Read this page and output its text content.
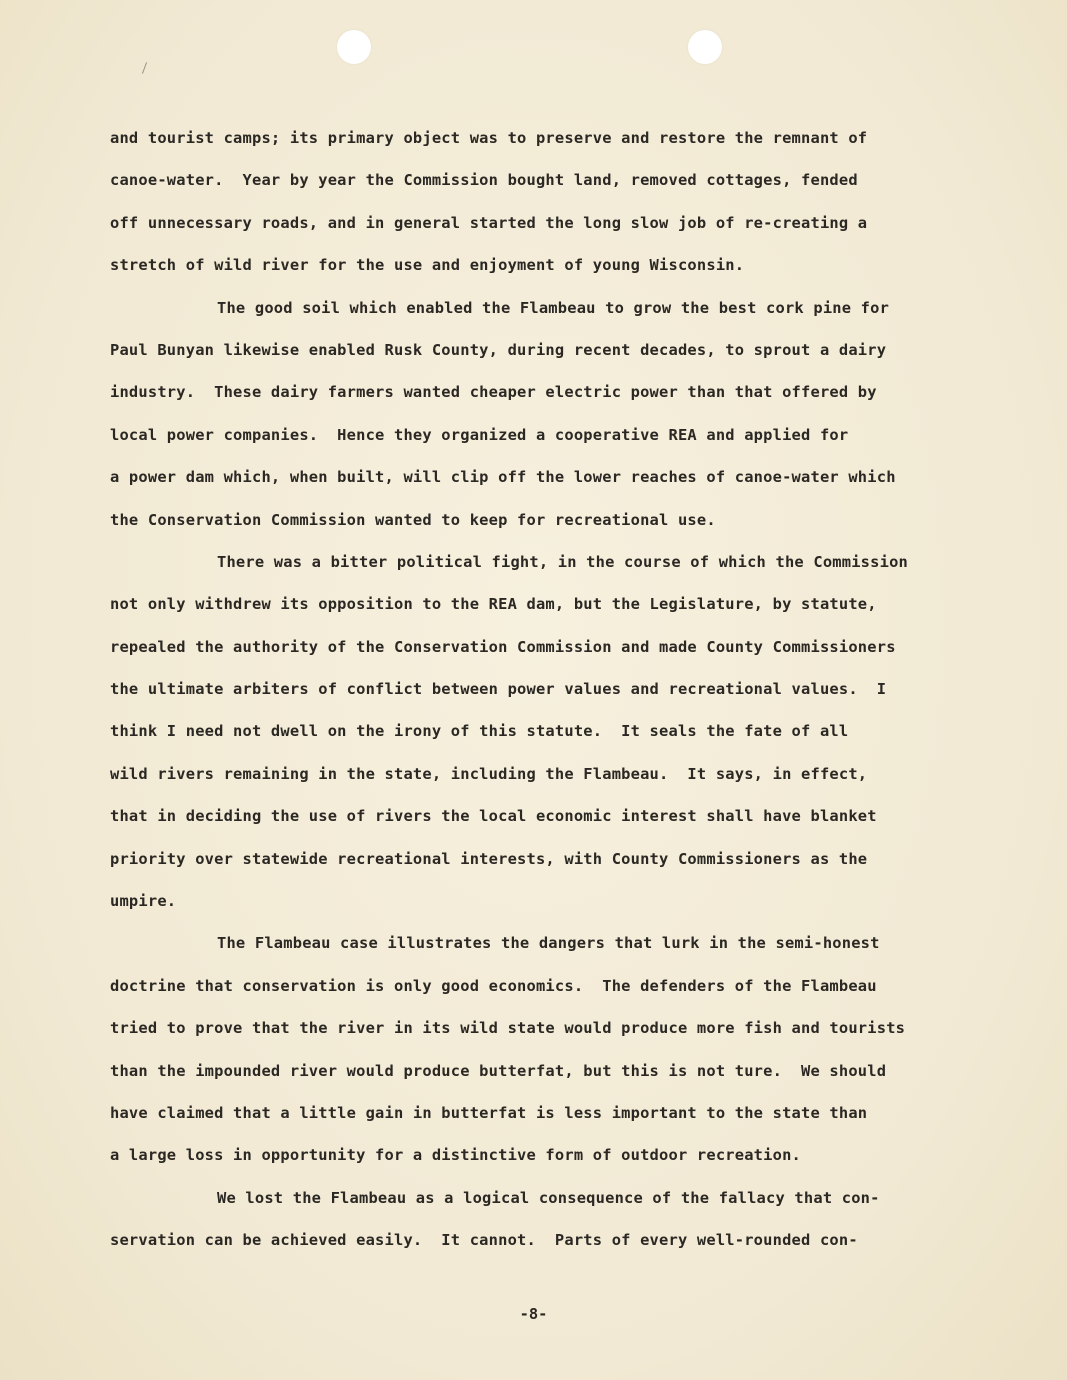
and tourist camps; its primary object was to preserve and restore the remnant of
canoe-water.  Year by year the Commission bought land, removed cottages, fended
off unnecessary roads, and in general started the long slow job of re-creating a
stretch of wild river for the use and enjoyment of young Wisconsin.
The good soil which enabled the Flambeau to grow the best cork pine for
Paul Bunyan likewise enabled Rusk County, during recent decades, to sprout a dairy
industry.  These dairy farmers wanted cheaper electric power than that offered by
local power companies.  Hence they organized a cooperative REA and applied for
a power dam which, when built, will clip off the lower reaches of canoe-water which
the Conservation Commission wanted to keep for recreational use.
There was a bitter political fight, in the course of which the Commission
not only withdrew its opposition to the REA dam, but the Legislature, by statute,
repealed the authority of the Conservation Commission and made County Commissioners
the ultimate arbiters of conflict between power values and recreational values.  I
think I need not dwell on the irony of this statute.  It seals the fate of all
wild rivers remaining in the state, including the Flambeau.  It says, in effect,
that in deciding the use of rivers the local economic interest shall have blanket
priority over statewide recreational interests, with County Commissioners as the
umpire.
The Flambeau case illustrates the dangers that lurk in the semi-honest
doctrine that conservation is only good economics.  The defenders of the Flambeau
tried to prove that the river in its wild state would produce more fish and tourists
than the impounded river would produce butterfat, but this is not ture.  We should
have claimed that a little gain in butterfat is less important to the state than
a large loss in opportunity for a distinctive form of outdoor recreation.
We lost the Flambeau as a logical consequence of the fallacy that con-
servation can be achieved easily.  It cannot.  Parts of every well-rounded con-
-8-
